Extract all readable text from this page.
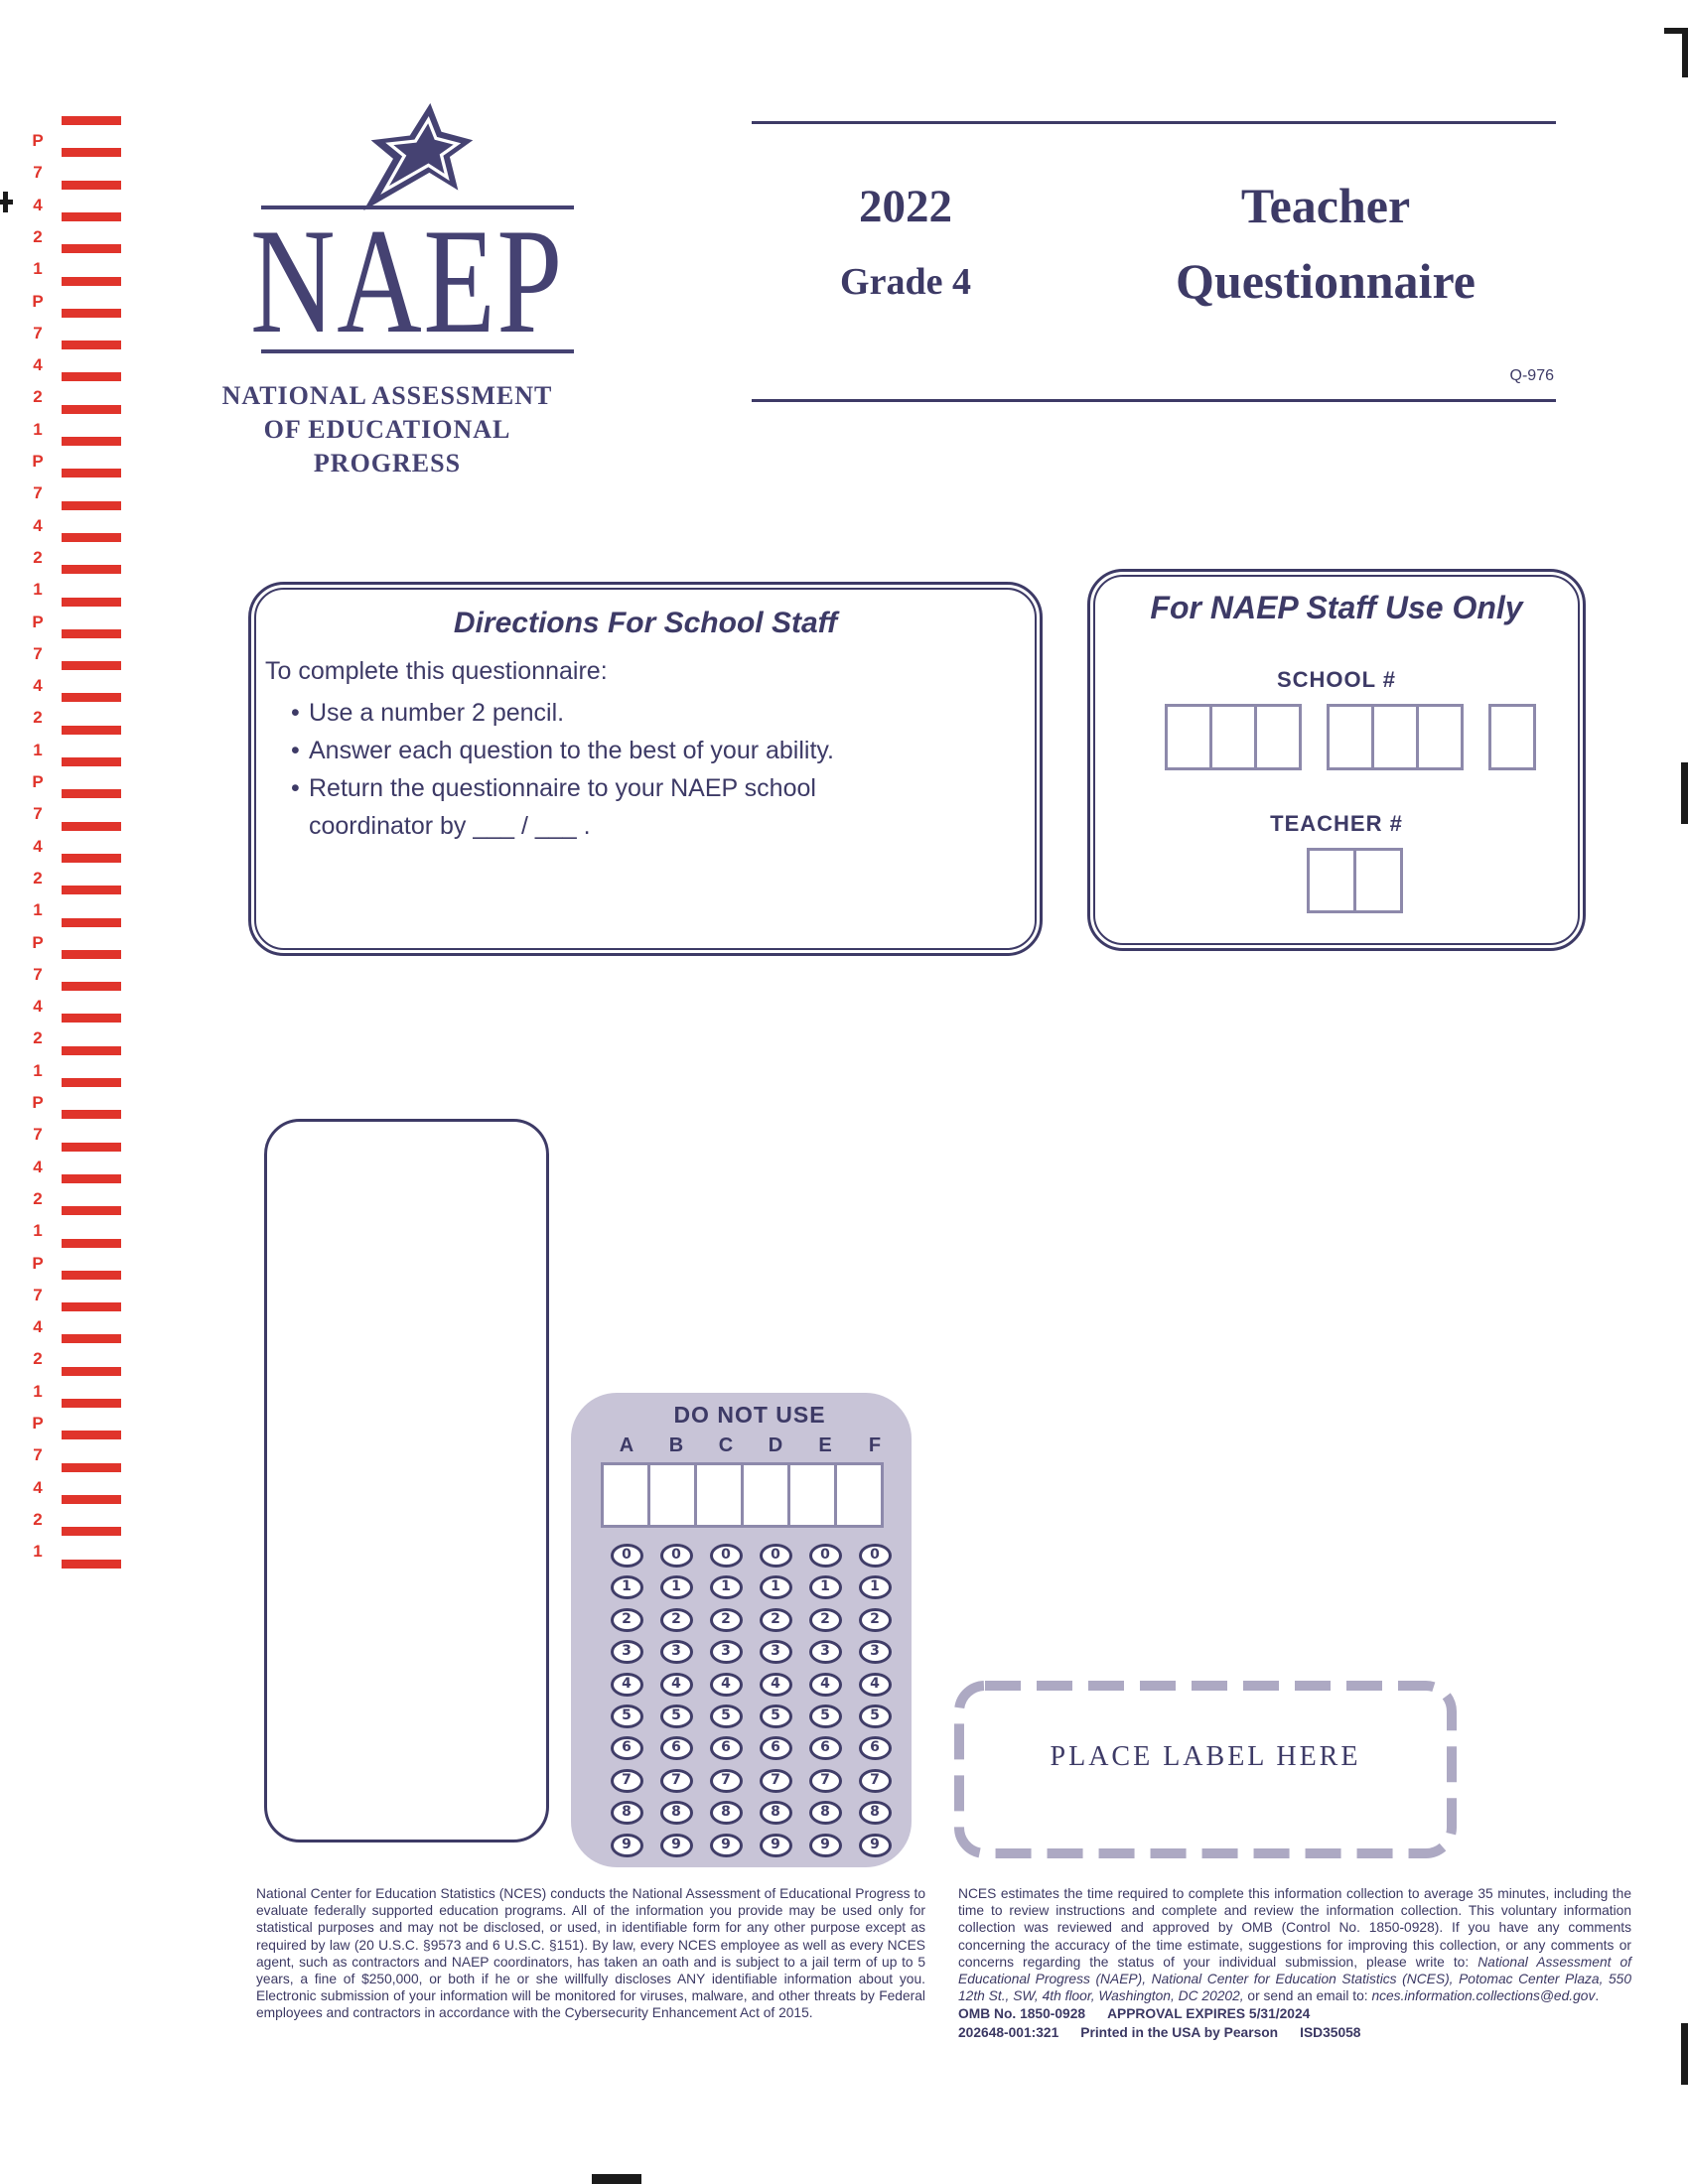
P
7
4
2
1
P
7
4
2
1
P
7
4
2
1
P
7
4
2
1
P
7
4
2
1
P
7
4
2
1
P
7
4
2
1
P
7
4
2
1
P
7
4
2
1
NAEP
NATIONAL ASSESSMENT
OF EDUCATIONAL
PROGRESS
2022
Grade 4
Teacher
Questionnaire
Q-976
Directions For School Staff

To complete this questionnaire:

• Use a number 2 pencil.
• Answer each question to the best of your ability.
• Return the questionnaire to your NAEP school coordinator by ___ / ___ .
For NAEP Staff Use Only
SCHOOL #
TEACHER #
DO NOT USE
A	B	C	D	E	F
0	0	0	0	0	0
1	1	1	1	1	1
2	2	2	2	2	2
3	3	3	3	3	3
4	4	4	4	4	4
5	5	5	5	5	5
6	6	6	6	6	6
7	7	7	7	7	7
8	8	8	8	8	8
9	9	9	9	9	9
PLACE LABEL HERE
National Center for Education Statistics (NCES) conducts the National Assessment of Educational Progress to evaluate federally supported education programs. All of the information you provide may be used only for statistical purposes and may not be disclosed, or used, in identifiable form for any other purpose except as required by law (20 U.S.C. §9573 and 6 U.S.C. §151). By law, every NCES employee as well as every NCES agent, such as contractors and NAEP coordinators, has taken an oath and is subject to a jail term of up to 5 years, a fine of $250,000, or both if he or she willfully discloses ANY identifiable information about you. Electronic submission of your information will be monitored for viruses, malware, and other threats by Federal employees and contractors in accordance with the Cybersecurity Enhancement Act of 2015.
NCES estimates the time required to complete this information collection to average 35 minutes, including the time to review instructions and complete and review the information collection. This voluntary information collection was reviewed and approved by OMB (Control No. 1850-0928). If you have any comments concerning the accuracy of the time estimate, suggestions for improving this collection, or any comments or concerns regarding the status of your individual submission, please write to: National Assessment of Educational Progress (NAEP), National Center for Education Statistics (NCES), Potomac Center Plaza, 550 12th St., SW, 4th floor, Washington, DC 20202, or send an email to: nces.information.collections@ed.gov.
OMB No. 1850-0928 APPROVAL EXPIRES 5/31/2024
202648-001:321 Printed in the USA by Pearson ISD35058
